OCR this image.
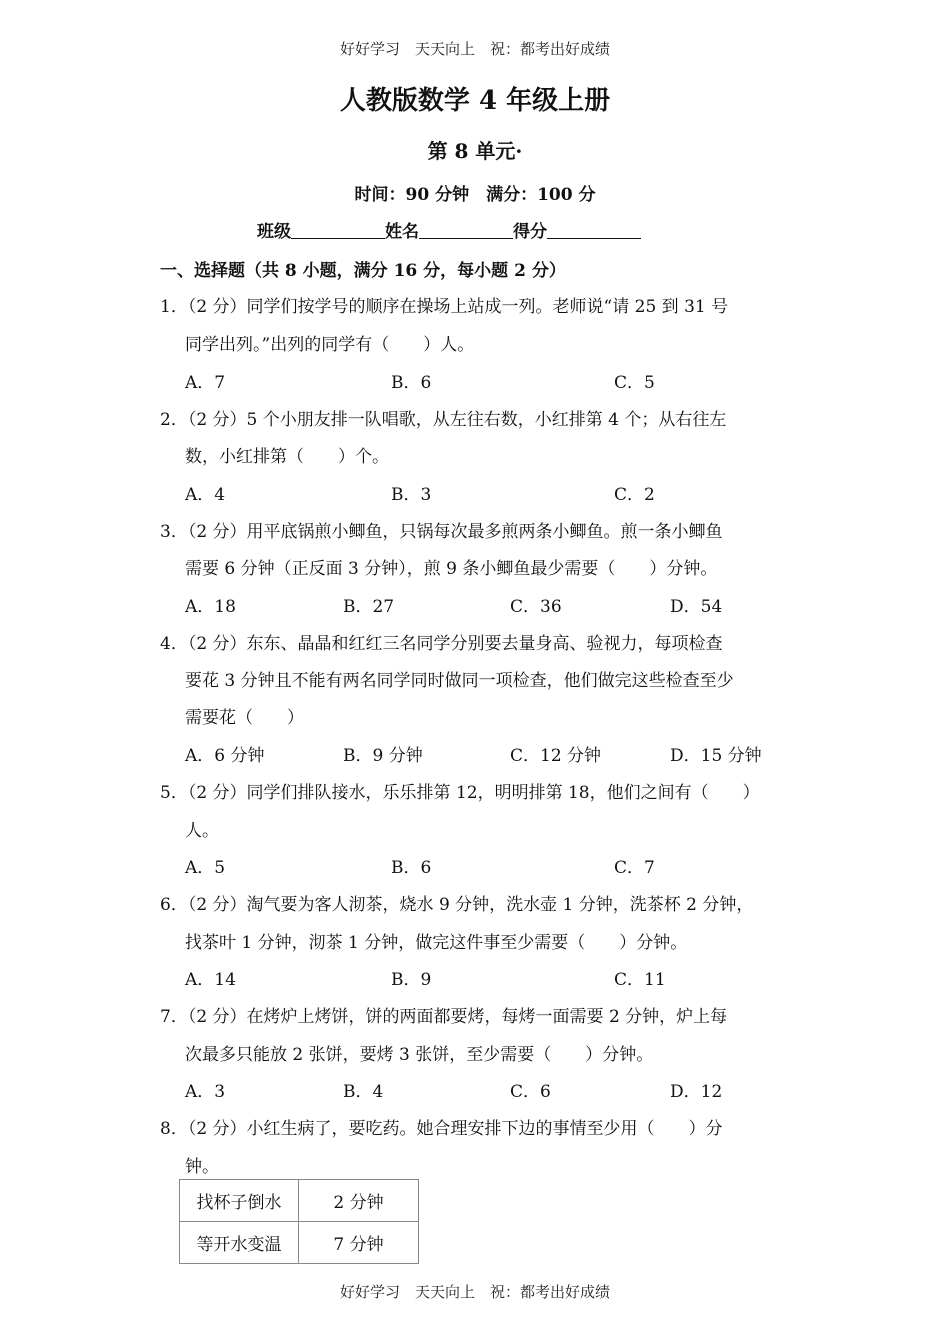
好好学习　天天向上　祝：都考出好成绩
人教版数学 4 年级上册
第 8 单元·
时间：90 分钟　满分：100 分
班级	姓名	得分
一、选择题（共 8 小题，满分 16 分，每小题 2 分）
1．（2 分）同学们按学号的顺序在操场上站成一列。老师说“请 25 到 31 号
同学出列。”出列的同学有（　　）人。
A．7	B．6	C．5
2．（2 分）5 个小朋友排一队唱歌，从左往右数，小红排第 4 个；从右往左
数，小红排第（　　）个。
A．4	B．3	C．2
3．（2 分）用平底锅煎小鲫鱼，只锅每次最多煎两条小鲫鱼。煎一条小鲫鱼
需要 6 分钟（正反面 3 分钟），煎 9 条小鲫鱼最少需要（　　）分钟。
A．18	B．27	C．36	D．54
4．（2 分）东东、晶晶和红红三名同学分别要去量身高、验视力，每项检查
要花 3 分钟且不能有两名同学同时做同一项检查，他们做完这些检查至少
需要花（　　）
A．6 分钟	B．9 分钟	C．12 分钟	D．15 分钟
5．（2 分）同学们排队接水，乐乐排第 12，明明排第 18，他们之间有（　　）
人。
A．5	B．6	C．7
6．（2 分）淘气要为客人沏茶，烧水 9 分钟，洗水壶 1 分钟，洗茶杯 2 分钟，
找茶叶 1 分钟，沏茶 1 分钟，做完这件事至少需要（　　）分钟。
A．14	B．9	C．11
7．（2 分）在烤炉上烤饼，饼的两面都要烤，每烤一面需要 2 分钟，炉上每
次最多只能放 2 张饼，要烤 3 张饼，至少需要（　　）分钟。
A．3	B．4	C．6	D．12
8．（2 分）小红生病了，要吃药。她合理安排下边的事情至少用（　　）分
钟。
找杯子倒水	2 分钟
等开水变温	7 分钟
好好学习　天天向上　祝：都考出好成绩
